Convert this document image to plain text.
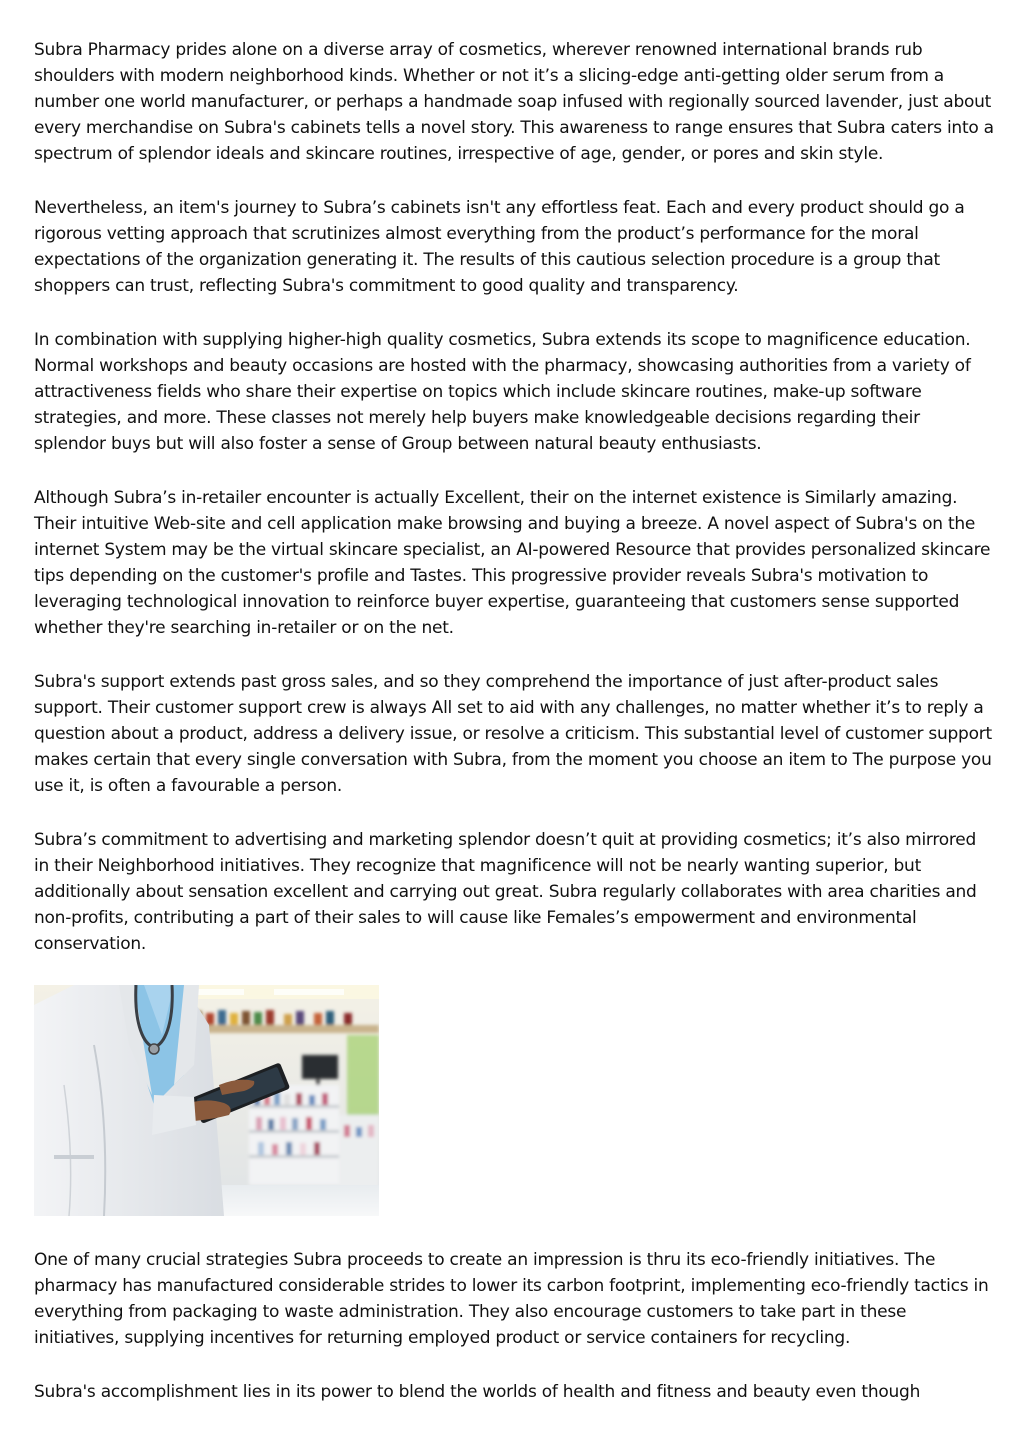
Subra Pharmacy prides alone on a diverse array of cosmetics, wherever renowned international brands rub shoulders with modern neighborhood kinds. Whether or not it’s a slicing-edge anti-getting older serum from a number one world manufacturer, or perhaps a handmade soap infused with regionally sourced lavender, just about every merchandise on Subra's cabinets tells a novel story. This awareness to range ensures that Subra caters into a spectrum of splendor ideals and skincare routines, irrespective of age, gender, or pores and skin style.

Nevertheless, an item's journey to Subra’s cabinets isn't any effortless feat. Each and every product should go a rigorous vetting approach that scrutinizes almost everything from the product’s performance for the moral expectations of the organization generating it. The results of this cautious selection procedure is a group that shoppers can trust, reflecting Subra's commitment to good quality and transparency.

In combination with supplying higher-high quality cosmetics, Subra extends its scope to magnificence education. Normal workshops and beauty occasions are hosted with the pharmacy, showcasing authorities from a variety of attractiveness fields who share their expertise on topics which include skincare routines, make-up software strategies, and more. These classes not merely help buyers make knowledgeable decisions regarding their splendor buys but will also foster a sense of Group between natural beauty enthusiasts.

Although Subra’s in-retailer encounter is actually Excellent, their on the internet existence is Similarly amazing. Their intuitive Web-site and cell application make browsing and buying a breeze. A novel aspect of Subra's on the internet System may be the virtual skincare specialist, an AI-powered Resource that provides personalized skincare tips depending on the customer's profile and Tastes. This progressive provider reveals Subra's motivation to leveraging technological innovation to reinforce buyer expertise, guaranteeing that customers sense supported whether they're searching in-retailer or on the net.

Subra's support extends past gross sales, and so they comprehend the importance of just after-product sales support. Their customer support crew is always All set to aid with any challenges, no matter whether it’s to reply a question about a product, address a delivery issue, or resolve a criticism. This substantial level of customer support makes certain that every single conversation with Subra, from the moment you choose an item to The purpose you use it, is often a favourable a person.

Subra’s commitment to advertising and marketing splendor doesn’t quit at providing cosmetics; it’s also mirrored in their Neighborhood initiatives. They recognize that magnificence will not be nearly wanting superior, but additionally about sensation excellent and carrying out great. Subra regularly collaborates with area charities and non-profits, contributing a part of their sales to will cause like Females’s empowerment and environmental conservation.

One of many crucial strategies Subra proceeds to create an impression is thru its eco-friendly initiatives. The pharmacy has manufactured considerable strides to lower its carbon footprint, implementing eco-friendly tactics in everything from packaging to waste administration. They also encourage customers to take part in these initiatives, supplying incentives for returning employed product or service containers for recycling.

Subra's accomplishment lies in its power to blend the worlds of health and fitness and beauty even though
